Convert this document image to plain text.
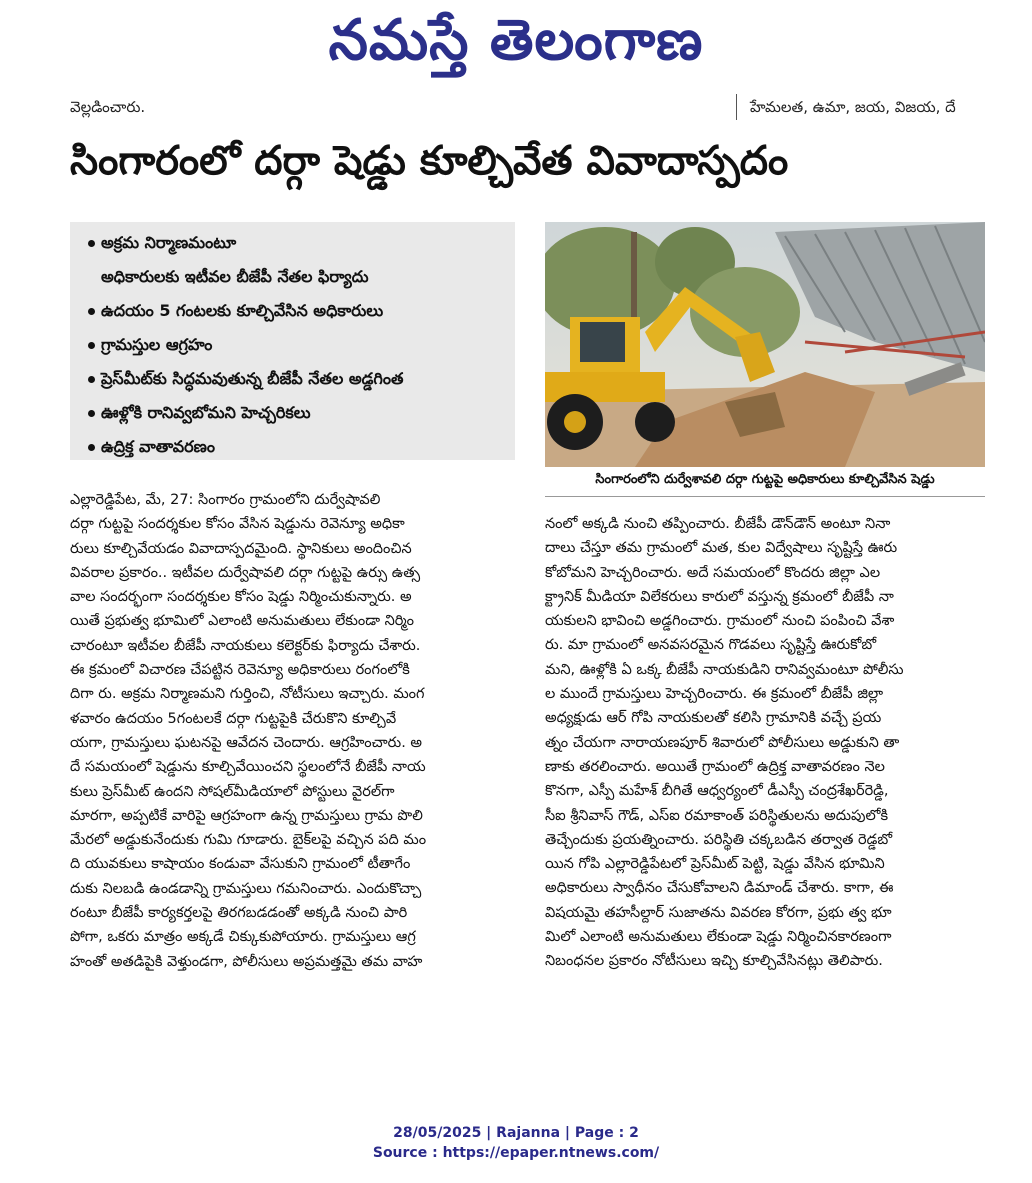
నమస్తే తెలంగాణ
వెల్లడించారు.	హేమలత, ఉమా, జయ, విజయ, దే
సింగారంలో దర్గా షెడ్డు కూల్చివేత వివాదాస్పదం
అక్రమ నిర్మాణమంటూ
అధికారులకు ఇటీవల బీజేపీ నేతల ఫిర్యాదు
ఉదయం 5 గంటలకు కూల్చివేసిన అధికారులు
గ్రామస్తుల ఆగ్రహం
ప్రెస్‌మీట్‌కు సిద్ధమవుతున్న బీజేపీ నేతల అడ్డగింత
ఊళ్లోకి రానివ్వబోమని హెచ్చరికలు
ఉద్రిక్త వాతావరణం
సింగారంలోని దుర్వేశావలి దర్గా గుట్టపై అధికారులు కూల్చివేసిన షెడ్డు

ఎల్లారెడ్డిపేట, మే, 27: సింగారం గ్రామంలోని దుర్వేషావలి

దర్గా గుట్టపై సందర్శకుల కోసం వేసిన షెడ్డును రెవెన్యూ అధికా

రులు కూల్చివేయడం వివాదాస్పదమైంది. స్థానికులు అందించిన

వివరాల ప్రకారం.. ఇటీవల దుర్వేషావలి దర్గా గుట్టపై ఉర్సు ఉత్స

వాల సందర్భంగా సందర్శకుల కోసం షెడ్డు నిర్మించుకున్నారు. అ

యితే ప్రభుత్వ భూమిలో ఎలాంటి అనుమతులు లేకుండా నిర్మిం

చారంటూ ఇటీవల బీజేపీ నాయకులు కలెక్టర్‌కు ఫిర్యాదు చేశారు.

ఈ క్రమంలో విచారణ చేపట్టిన రెవెన్యూ అధికారులు రంగంలోకి

దిగా రు. అక్రమ నిర్మాణమని గుర్తించి, నోటీసులు ఇచ్చారు. మంగ

ళవారం ఉదయం 5గంటలకే దర్గా గుట్టపైకి చేరుకొని కూల్చివే

యగా, గ్రామస్తులు ఘటనపై ఆవేదన చెందారు. ఆగ్రహించారు. అ

దే సమయంలో షెడ్డును కూల్చివేయించని స్థలంలోనే బీజేపీ నాయ

కులు ప్రెస్‌మీట్ ఉందని సోషల్‌మీడియాలో పోస్టులు వైరల్‌గా

మారగా, అప్పటికే వారిపై ఆగ్రహంగా ఉన్న గ్రామస్తులు గ్రామ పొలి

మేరలో అడ్డుకునేందుకు గుమి గూడారు. బైక్‌లపై వచ్చిన పది మం

ది యువకులు కాషాయం కండువా వేసుకుని గ్రామంలో టీతాగేం

దుకు నిలబడి ఉండడాన్ని గ్రామస్తులు గమనించారు. ఎందుకొచ్చా

రంటూ బీజేపీ కార్యకర్తలపై తిరగబడడంతో అక్కడి నుంచి పారి

పోగా, ఒకరు మాత్రం అక్కడే చిక్కుకుపోయారు. గ్రామస్తులు ఆగ్ర

హంతో అతడిపైకి వెళ్తుండగా, పోలీసులు అప్రమత్తమై తమ వాహ

నంలో అక్కడి నుంచి తప్పించారు. బీజేపీ డౌన్‌డౌన్ అంటూ నినా

దాలు చేస్తూ తమ గ్రామంలో మత, కుల విద్వేషాలు సృష్టిస్తే ఊరు

కోబోమని హెచ్చరించారు. అదే సమయంలో కొందరు జిల్లా ఎల

క్ట్రానిక్ మీడియా విలేకరులు కారులో వస్తున్న క్రమంలో బీజేపీ నా

యకులని భావించి అడ్డగించారు. గ్రామంలో నుంచి పంపించి వేశా

రు. మా గ్రామంలో అనవసరమైన గొడవలు సృష్టిస్తే ఊరుకోబో

మని, ఊళ్లోకి ఏ ఒక్క బీజేపీ నాయకుడిని రానివ్వమంటూ పోలీసు

ల ముందే గ్రామస్తులు హెచ్చరించారు. ఈ క్రమంలో బీజేపీ జిల్లా

అధ్యక్షుడు ఆర్ గోపి నాయకులతో కలిసి గ్రామానికి వచ్చే ప్రయ

త్నం చేయగా నారాయణపూర్ శివారులో పోలీసులు అడ్డుకుని తా

ణాకు తరలించారు. అయితే గ్రామంలో ఉద్రిక్త వాతావరణం నెల

కొనగా, ఎస్పీ మహేశ్ బీగితే ఆధ్వర్యంలో డీఎస్పీ చంద్రశేఖర్‌రెడ్డి,

సీఐ శ్రీనివాస్ గౌడ్, ఎస్ఐ రమాకాంత్ పరిస్థితులను అదుపులోకి

తెచ్చేందుకు ప్రయత్నించారు. పరిస్థితి చక్కబడిన తర్వాత రెడ్డబో

యిన గోపి ఎల్లారెడ్డిపేటలో ప్రెస్‌మీట్ పెట్టి, షెడ్డు వేసిన భూమిని

అధికారులు స్వాధీనం చేసుకోవాలని డిమాండ్ చేశారు. కాగా, ఈ

విషయమై తహసీల్దార్ సుజాతను వివరణ కోరగా, ప్రభు త్వ భూ

మిలో ఎలాంటి అనుమతులు లేకుండా షెడ్డు నిర్మించినకారణంగా

నిబంధనల ప్రకారం నోటీసులు ఇచ్చి కూల్చివేసినట్లు తెలిపారు.

28/05/2025 | Rajanna | Page : 2
Source : https://epaper.ntnews.com/
